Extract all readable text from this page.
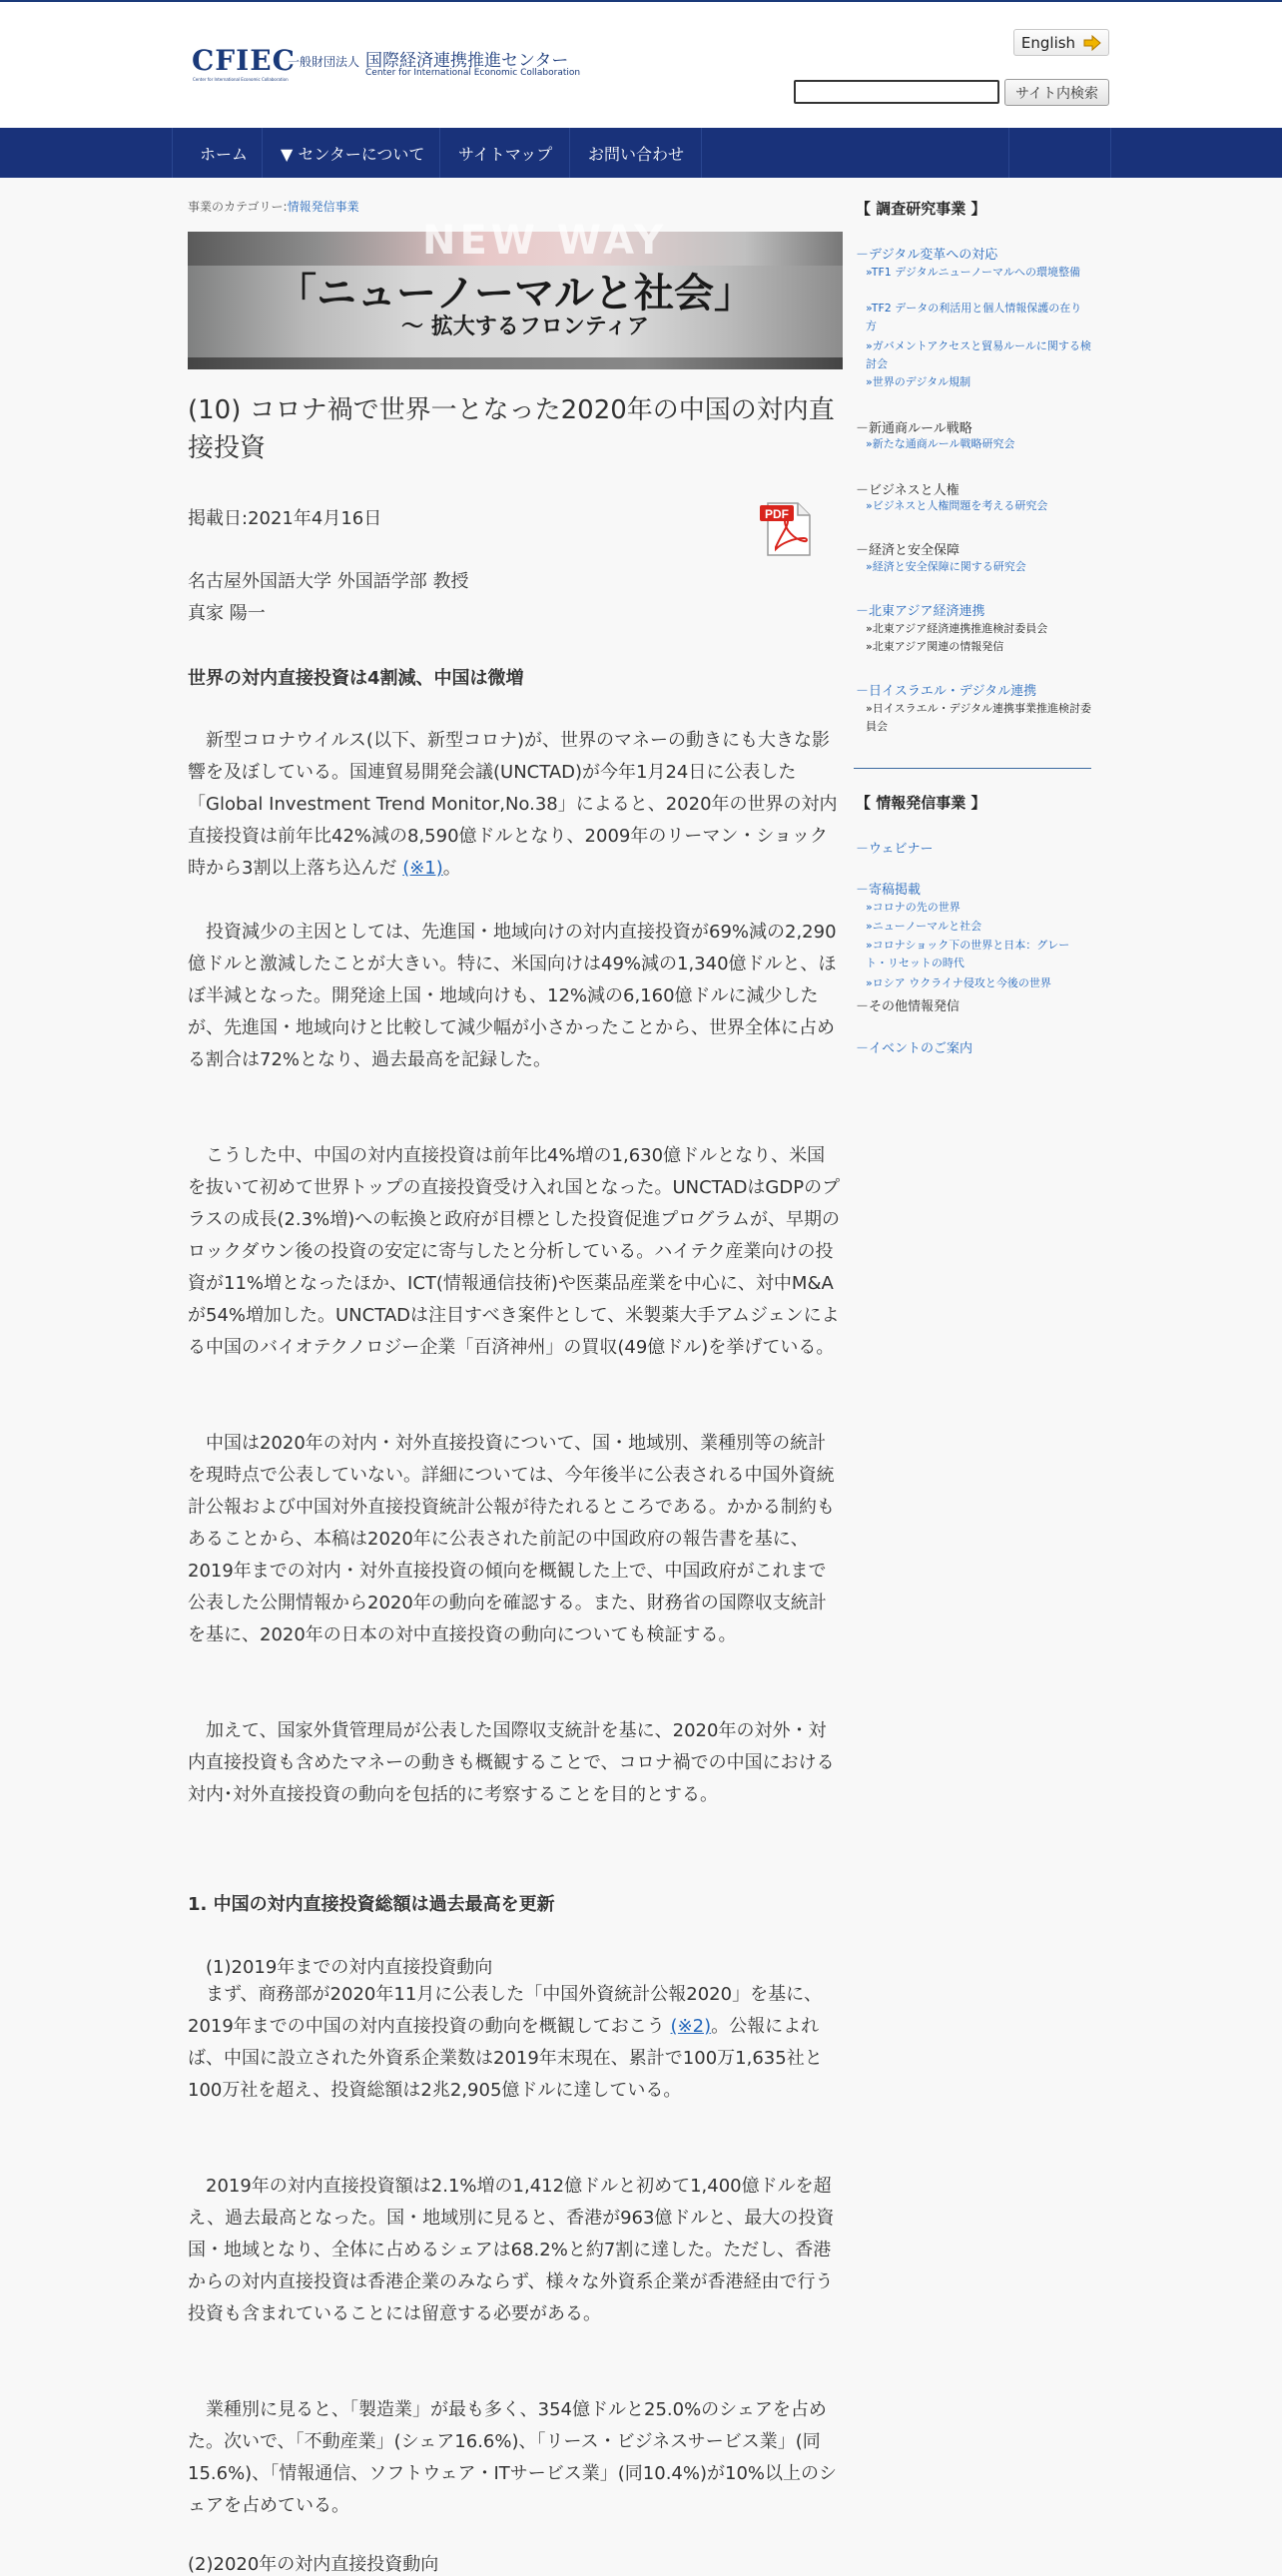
CFIEC
Center for International Economic Collaboration
一般財団法人 国際経済連携推進センター
Center for International Economic Collaboration
English
サイト内検索
ホーム ▼ センターについて サイトマップ お問い合わせ
事業のカテゴリー:情報発信事業
NEW WAY
「ニューノーマルと社会」
〜 拡大するフロンティア
(10) コロナ禍で世界一となった2020年の中国の対内直接投資
掲載日:2021年4月16日	PDF
名古屋外国語大学 外国語学部 教授
真家 陽一
世界の対内直接投資は4割減、中国は微増
　新型コロナウイルス(以下、新型コロナ)が、世界のマネーの動きにも大きな影響を及ぼしている。国連貿易開発会議(UNCTAD)が今年1月24日に公表した「Global Investment Trend Monitor,No.38」によると、2020年の世界の対内直接投資は前年比42%減の8,590億ドルとなり、2009年のリーマン・ショック時から3割以上落ち込んだ (※1)。
　投資減少の主因としては、先進国・地域向けの対内直接投資が69%減の2,290億ドルと激減したことが大きい。特に、米国向けは49%減の1,340億ドルと、ほぼ半減となった。開発途上国・地域向けも、12%減の6,160億ドルに減少したが、先進国・地域向けと比較して減少幅が小さかったことから、世界全体に占める割合は72%となり、過去最高を記録した。
　こうした中、中国の対内直接投資は前年比4%増の1,630億ドルとなり、米国を抜いて初めて世界トップの直接投資受け入れ国となった。UNCTADはGDPのプラスの成長(2.3%増)への転換と政府が目標とした投資促進プログラムが、早期のロックダウン後の投資の安定に寄与したと分析している。ハイテク産業向けの投資が11%増となったほか、ICT(情報通信技術)や医薬品産業を中心に、対中M&Aが54%増加した。UNCTADは注目すべき案件として、米製薬大手アムジェンによる中国のバイオテクノロジー企業「百済神州」の買収(49億ドル)を挙げている。
　中国は2020年の対内・対外直接投資について、国・地域別、業種別等の統計を現時点で公表していない。詳細については、今年後半に公表される中国外資統計公報および中国対外直接投資統計公報が待たれるところである。かかる制約もあることから、本稿は2020年に公表された前記の中国政府の報告書を基に、2019年までの対内・対外直接投資の傾向を概観した上で、中国政府がこれまで公表した公開情報から2020年の動向を確認する。また、財務省の国際収支統計を基に、2020年の日本の対中直接投資の動向についても検証する。
　加えて、国家外貨管理局が公表した国際収支統計を基に、2020年の対外・対内直接投資も含めたマネーの動きも概観することで、コロナ禍での中国における対内･対外直接投資の動向を包括的に考察することを目的とする。
1. 中国の対内直接投資総額は過去最高を更新
　(1)2019年までの対内直接投資動向
　まず、商務部が2020年11月に公表した「中国外資統計公報2020」を基に、2019年までの中国の対内直接投資の動向を概観しておこう (※2)。公報によれば、中国に設立された外資系企業数は2019年末現在、累計で100万1,635社と100万社を超え、投資総額は2兆2,905億ドルに達している。
　2019年の対内直接投資額は2.1%増の1,412億ドルと初めて1,400億ドルを超え、過去最高となった。国・地域別に見ると、香港が963億ドルと、最大の投資国・地域となり、全体に占めるシェアは68.2%と約7割に達した。ただし、香港からの対内直接投資は香港企業のみならず、様々な外資系企業が香港経由で行う投資も含まれていることには留意する必要がある。
　業種別に見ると、「製造業」が最も多く、354億ドルと25.0%のシェアを占めた。次いで、「不動産業」(シェア16.6%)、「リース・ビジネスサービス業」(同15.6%)、「情報通信、ソフトウェア・ITサービス業」(同10.4%)が10%以上のシェアを占めている。
(2)2020年の対内直接投資動向
【 調査研究事業 】
－デジタル変革への対応
»TF1 デジタルニューノーマルへの環境整備
»TF2 データの利活用と個人情報保護の在り方
»ガバメントアクセスと貿易ルールに関する検討会
»世界のデジタル規制
－新通商ルール戦略
»新たな通商ルール戦略研究会
－ビジネスと人権
»ビジネスと人権問題を考える研究会
－経済と安全保障
»経済と安全保障に関する研究会
－北東アジア経済連携
»北東アジア経済連携推進検討委員会
»北東アジア関連の情報発信
－日イスラエル・デジタル連携
»日イスラエル・デジタル連携事業推進検討委員会
【 情報発信事業 】
－ウェビナー
－寄稿掲載
»コロナの先の世界
»ニューノーマルと社会
»コロナショック下の世界と日本：グレート・リセットの時代
»ロシア ウクライナ侵攻と今後の世界
－その他情報発信
－イベントのご案内
